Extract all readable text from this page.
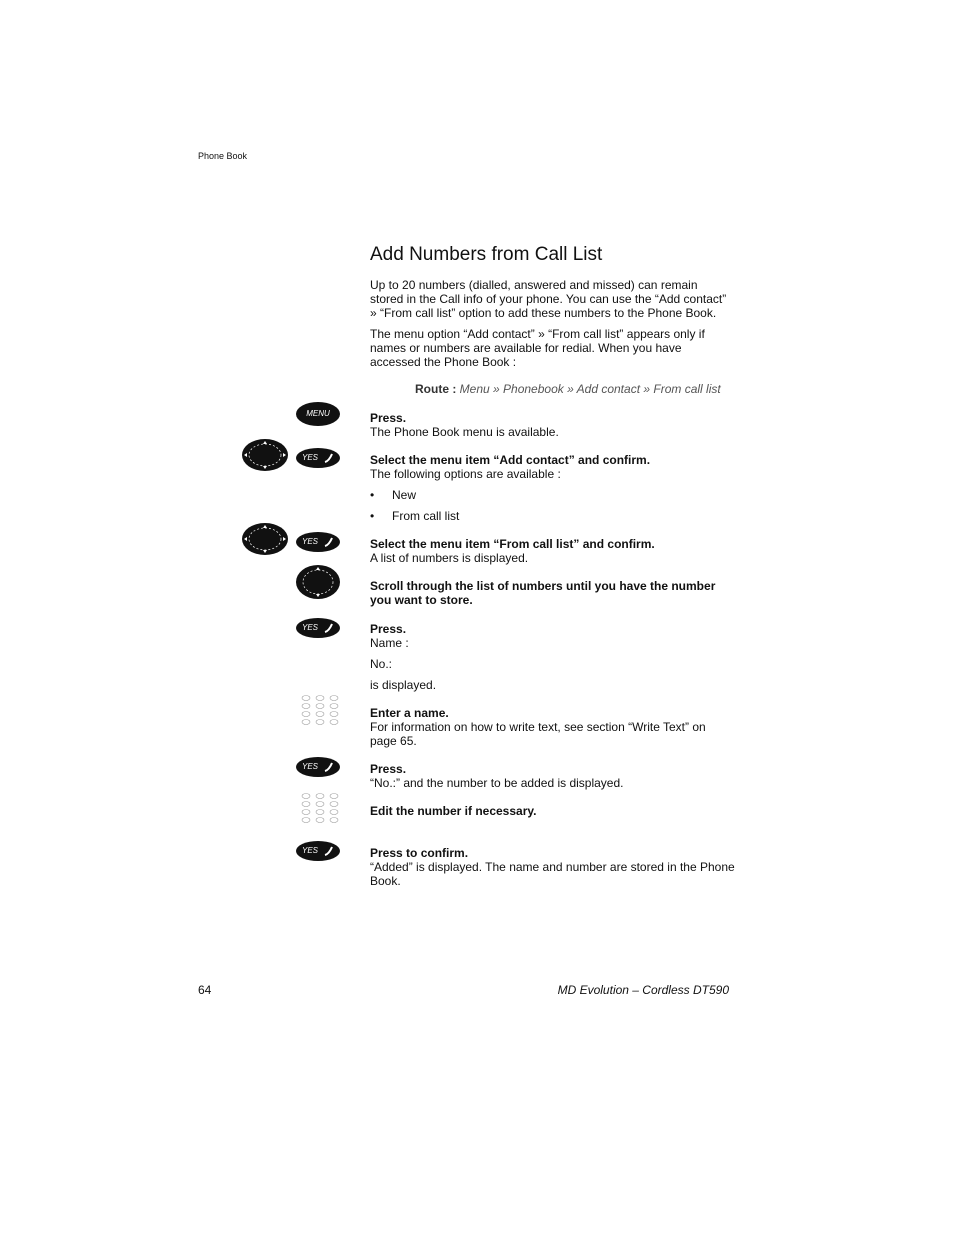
Phone Book
Add Numbers from Call List

Up to 20 numbers (dialled, answered and missed) can remain stored in the Call info of your phone. You can use the “Add contact” » “From call list” option to add these numbers to the Phone Book.

The menu option “Add contact” » “From call list” appears only if names or numbers are available for redial. When you have accessed the Phone Book :

Route : Menu » Phonebook » Add contact » From call list
MENU	Press.
The Phone Book menu is available.
YES	Select the menu item “Add contact” and confirm.
The following options are available :
• New
• From call list
YES	Select the menu item “From call list” and confirm.
A list of numbers is displayed.
Scroll through the list of numbers until you have the number you want to store.
YES	Press.
Name :
No.:
is displayed.
Enter a name.
For information on how to write text, see section “Write Text” on page 65.
YES	Press.
“No.:” and the number to be added is displayed.
Edit the number if necessary.
YES	Press to confirm.
“Added” is displayed. The name and number are stored in the Phone Book.
64	MD Evolution – Cordless DT590
